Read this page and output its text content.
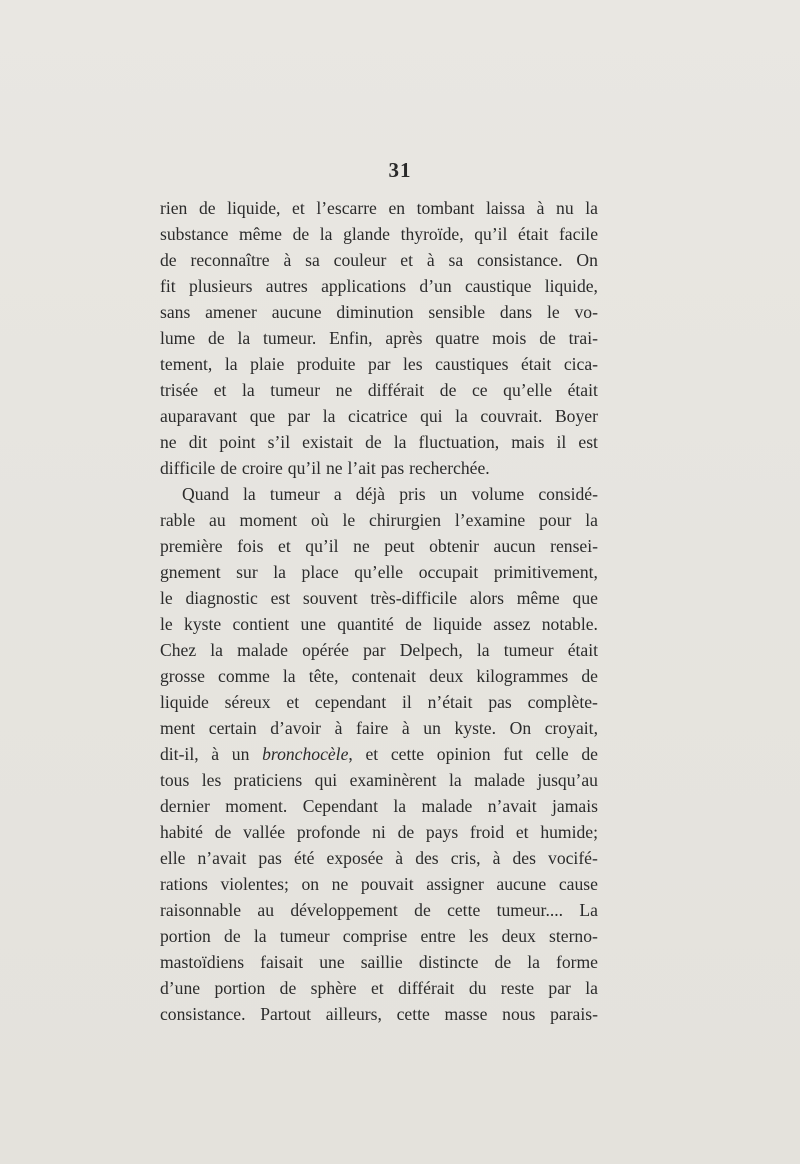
31
rien de liquide, et l’escarre en tombant laissa à nu la
substance même de la glande thyroïde, qu’il était facile
de reconnaître à sa couleur et à sa consistance. On
fit plusieurs autres applications d’un caustique liquide,
sans amener aucune diminution sensible dans le vo-
lume de la tumeur. Enfin, après quatre mois de trai-
tement, la plaie produite par les caustiques était cica-
trisée et la tumeur ne différait de ce qu’elle était
auparavant que par la cicatrice qui la couvrait. Boyer
ne dit point s’il existait de la fluctuation, mais il est
difficile de croire qu’il ne l’ait pas recherchée.
Quand la tumeur a déjà pris un volume considé-
rable au moment où le chirurgien l’examine pour la
première fois et qu’il ne peut obtenir aucun rensei-
gnement sur la place qu’elle occupait primitivement,
le diagnostic est souvent très-difficile alors même que
le kyste contient une quantité de liquide assez notable.
Chez la malade opérée par Delpech, la tumeur était
grosse comme la tête, contenait deux kilogrammes de
liquide séreux et cependant il n’était pas complète-
ment certain d’avoir à faire à un kyste. On croyait,
dit-il, à un bronchocèle, et cette opinion fut celle de
tous les praticiens qui examinèrent la malade jusqu’au
dernier moment. Cependant la malade n’avait jamais
habité de vallée profonde ni de pays froid et humide;
elle n’avait pas été exposée à des cris, à des vocifé-
rations violentes; on ne pouvait assigner aucune cause
raisonnable au développement de cette tumeur.... La
portion de la tumeur comprise entre les deux sterno-
mastoïdiens faisait une saillie distincte de la forme
d’une portion de sphère et différait du reste par la
consistance. Partout ailleurs, cette masse nous parais-
